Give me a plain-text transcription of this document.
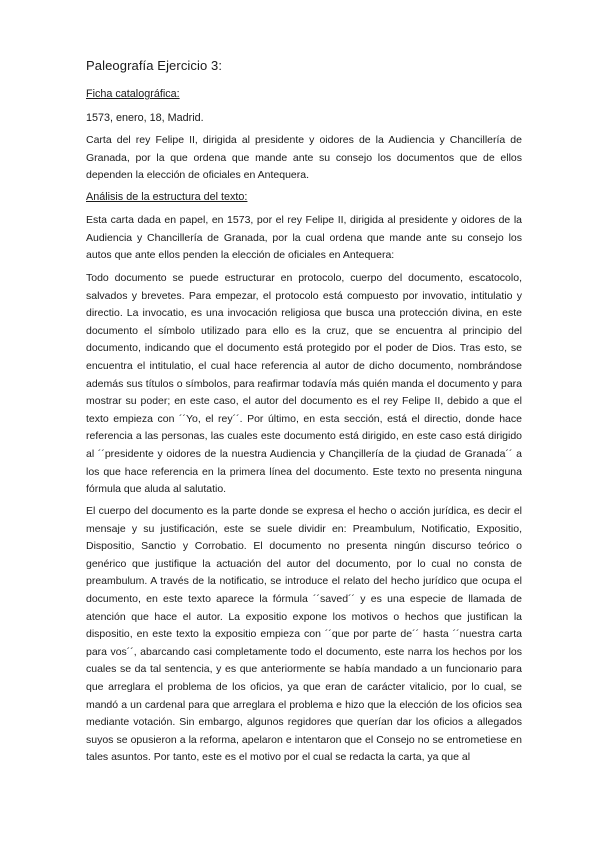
Paleografía Ejercicio 3:
Ficha catalográfica:
1573, enero, 18, Madrid.

Carta del rey Felipe II, dirigida al presidente y oidores de la Audiencia y Chancillería de Granada, por la que ordena que mande ante su consejo los documentos que de ellos dependen la elección de oficiales en Antequera.

Análisis de la estructura del texto:

Esta carta dada en papel, en 1573, por el rey Felipe II, dirigida al presidente y oidores de la Audiencia y Chancillería de Granada, por la cual ordena que mande ante su consejo los autos que ante ellos penden la elección de oficiales en Antequera:

Todo documento se puede estructurar en protocolo, cuerpo del documento, escatocolo, salvados y brevetes. Para empezar, el protocolo está compuesto por invovatio, intitulatio y directio. La invocatio, es una invocación religiosa que busca una protección divina, en este documento el símbolo utilizado para ello es la cruz, que se encuentra al principio del documento, indicando que el documento está protegido por el poder de Dios. Tras esto, se encuentra el intitulatio, el cual hace referencia al autor de dicho documento, nombrándose además sus títulos o símbolos, para reafirmar todavía más quién manda el documento y para mostrar su poder; en este caso, el autor del documento es el rey Felipe II, debido a que el texto empieza con ´´Yo, el rey´´. Por último, en esta sección, está el directio, donde hace referencia a las personas, las cuales este documento está dirigido, en este caso está dirigido al ´´presidente y oidores de la nuestra Audiencia y Chançillería de la çiudad de Granada´´ a los que hace referencia en la primera línea del documento. Este texto no presenta ninguna fórmula que aluda al salutatio.

El cuerpo del documento es la parte donde se expresa el hecho o acción jurídica, es decir el mensaje y su justificación, este se suele dividir en: Preambulum, Notificatio, Expositio, Dispositio, Sanctio y Corrobatio. El documento no presenta ningún discurso teórico o genérico que justifique la actuación del autor del documento, por lo cual no consta de preambulum. A través de la notificatio, se introduce el relato del hecho jurídico que ocupa el documento, en este texto aparece la fórmula ´´saved´´ y es una especie de llamada de atención que hace el autor. La expositio expone los motivos o hechos que justifican la dispositio, en este texto la expositio empieza con ´´que por parte de´´ hasta ´´nuestra carta para vos´´, abarcando casi completamente todo el documento, este narra los hechos por los cuales se da tal sentencia, y es que anteriormente se había mandado a un funcionario para que arreglara el problema de los oficios, ya que eran de carácter vitalicio, por lo cual, se mandó a un cardenal para que arreglara el problema e hizo que la elección de los oficios sea mediante votación. Sin embargo, algunos regidores que querían dar los oficios a allegados suyos se opusieron a la reforma, apelaron e intentaron que el Consejo no se entrometiese en tales asuntos. Por tanto, este es el motivo por el cual se redacta la carta, ya que al
